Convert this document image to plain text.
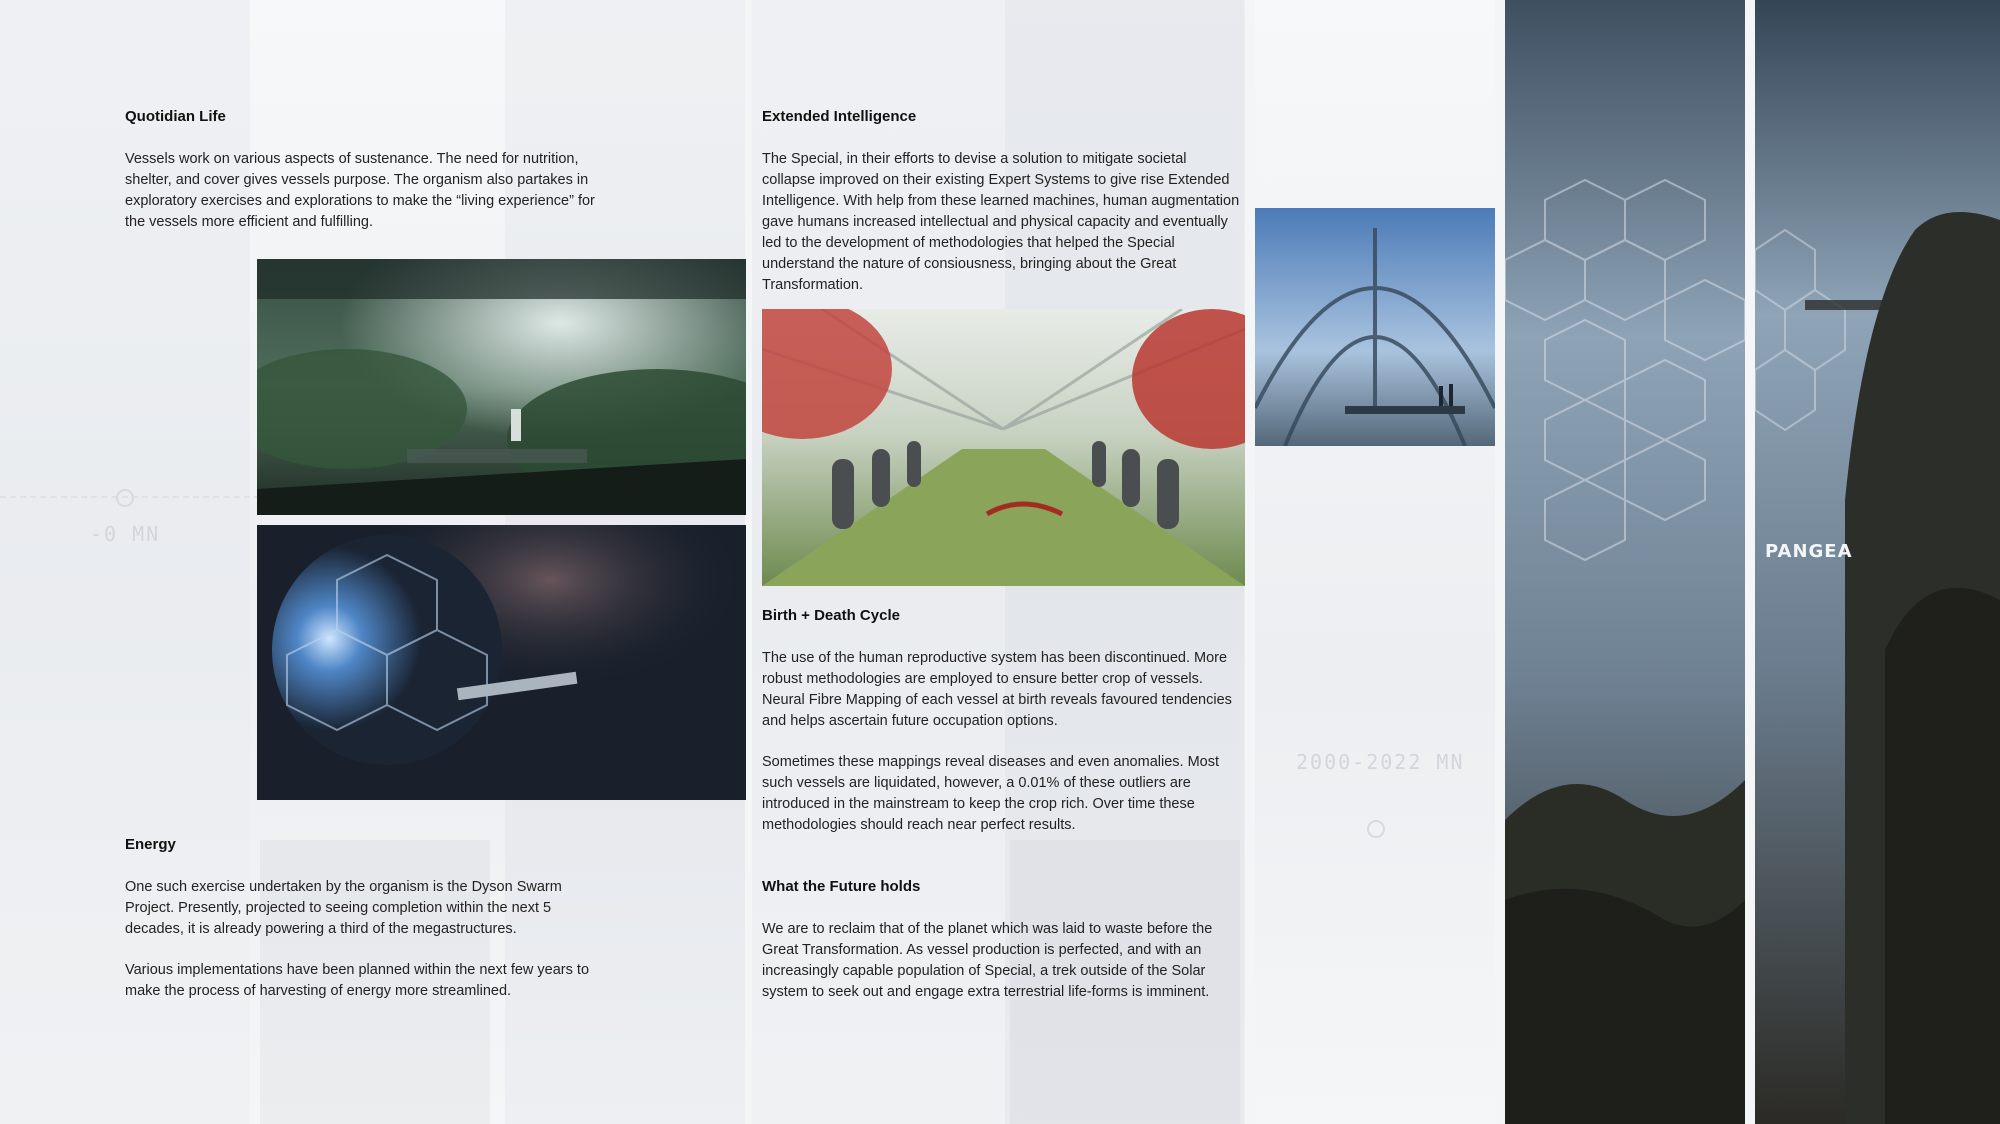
-0 MN
2000-2022 MN
Quotidian Life
Vessels work on various aspects of sustenance. The need for nutrition, shelter, and cover gives vessels purpose. The organism also partakes in exploratory exercises and explorations to make the “living experience” for the vessels more efficient and fulfilling.
Energy
One such exercise undertaken by the organism is the Dyson Swarm Project. Presently, projected to seeing completion within the next 5 decades, it is already powering a third of the megastructures.
Various implementations have been planned within the next few years to make the process of harvesting of energy more streamlined.
Extended Intelligence
The Special, in their efforts to devise a solution to mitigate societal collapse improved on their existing Expert Systems to give rise Extended Intelligence. With help from these learned machines, human augmentation gave humans increased intellectual and physical capacity and eventually led to the development of methodologies that helped the Special understand the nature of consiousness, bringing about the Great Transformation.
Birth + Death Cycle
The use of the human reproductive system has been discontinued. More robust methodologies are employed to ensure better crop of vessels. Neural Fibre Mapping of each vessel at birth reveals favoured tendencies and helps ascertain future occupation options.
Sometimes these mappings reveal diseases and even anomalies. Most such vessels are liquidated, however, a 0.01% of these outliers are introduced in the mainstream to keep the crop rich. Over time these methodologies should reach near perfect results.
What the Future holds
We are to reclaim that of the planet which was laid to waste before the Great Transformation. As vessel production is perfected, and with an increasingly capable population of Special, a trek outside of the Solar system to seek out and engage extra terrestrial life-forms is imminent.
PANGEA
